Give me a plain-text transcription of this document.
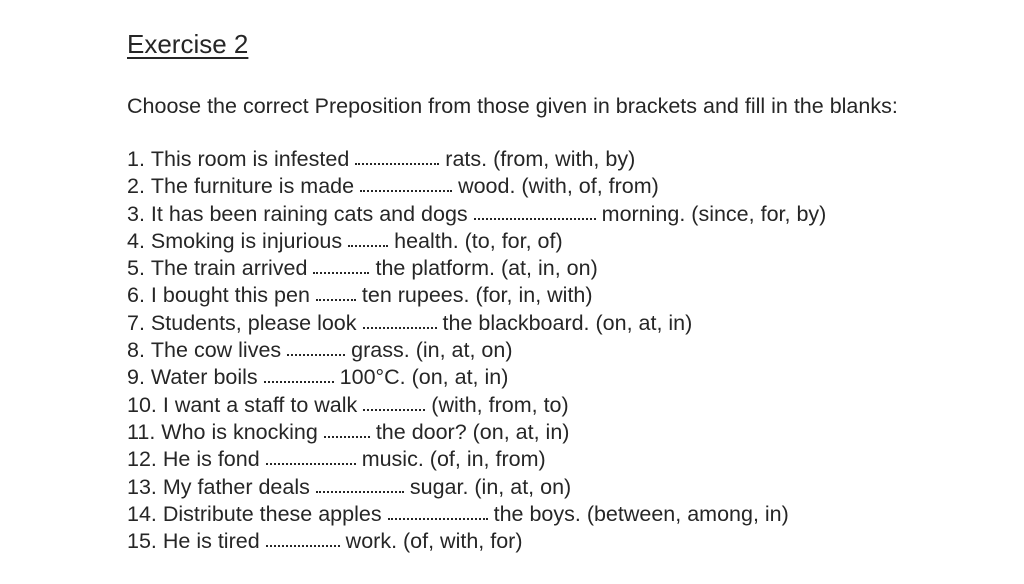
Exercise 2
Choose the correct Preposition from those given in brackets and fill in the blanks:
1.
This room is infested	rats. (from, with, by)
2.
The furniture is made	wood. (with, of, from)
3.
It has been raining cats and dogs	morning. (since, for, by)
4.
Smoking is injurious health. (to, for, of)
5.
The train arrived	the platform. (at, in, on)
6.
I bought this pen ten rupees. (for, in, with)
7.
Students, please look	the blackboard. (on, at, in)
8.
The cow lives	grass. (in, at, on)
9.
Water boils	100°C. (on, at, in)
10.
I want a staff to walk	(with, from, to)
11.
Who is knocking	the door? (on, at, in)
12.
He is fond	music. (of, in, from)
13.
My father deals	sugar. (in, at, on)
14.
Distribute these apples	the boys. (between, among, in)
15.
He is tired	work. (of, with, for)
